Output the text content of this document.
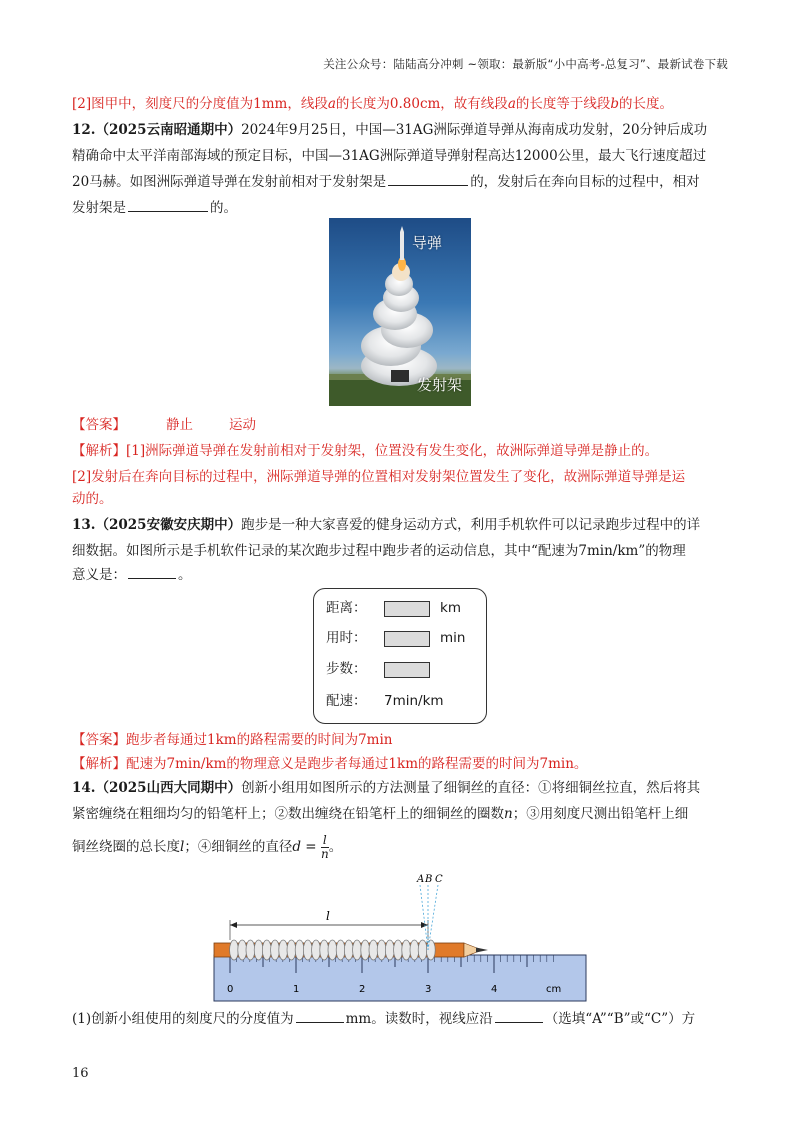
关注公众号：陆陆高分冲刺 ~领取：最新版“小中高考-总复习”、最新试卷下载
[2]图甲中，刻度尺的分度值为1mm，线段a的长度为0.80cm，故有线段a的长度等于线段b的长度。
12.（2025云南昭通期中）2024年9月25日，中国—31AG洲际弹道导弹从海南成功发射，20分钟后成功
精确命中太平洋南部海域的预定目标，中国—31AG洲际弹道导弹射程高达12000公里，最大飞行速度超过
20马赫。如图洲际弹道导弹在发射前相对于发射架是	的，发射后在奔向目标的过程中，相对
发射架是	的。
导弹
发射架
【答案】	静止	运动
【解析】[1]洲际弹道导弹在发射前相对于发射架，位置没有发生变化，故洲际弹道导弹是静止的。
[2]发射后在奔向目标的过程中，洲际弹道导弹的位置相对发射架位置发生了变化，故洲际弹道导弹是运
动的。
13.（2025安徽安庆期中）跑步是一种大家喜爱的健身运动方式，利用手机软件可以记录跑步过程中的详
细数据。如图所示是手机软件记录的某次跑步过程中跑步者的运动信息，其中“配速为7min/km”的物理
意义是：	。
距离：	km
用时：	min
步数：
配速： 7min/km
【答案】跑步者每通过1km的路程需要的时间为7min
【解析】配速为7min/km的物理意义是跑步者每通过1km的路程需要的时间为7min。
14.（2025山西大同期中）创新小组用如图所示的方法测量了细铜丝的直径：①将细铜丝拉直，然后将其
紧密缠绕在粗细均匀的铅笔杆上；②数出缠绕在铅笔杆上的细铜丝的圈数n；③用刻度尺测出铅笔杆上细
铜丝绕圈的总长度l；④细铜丝的直径$d = \frac{l}{n}$ 。
A B C
l
0	1	2	3	4	cm
(1)创新小组使用的刻度尺的分度值为	mm。读数时，视线应沿	（选填“A”“B”或“C”）方
16
